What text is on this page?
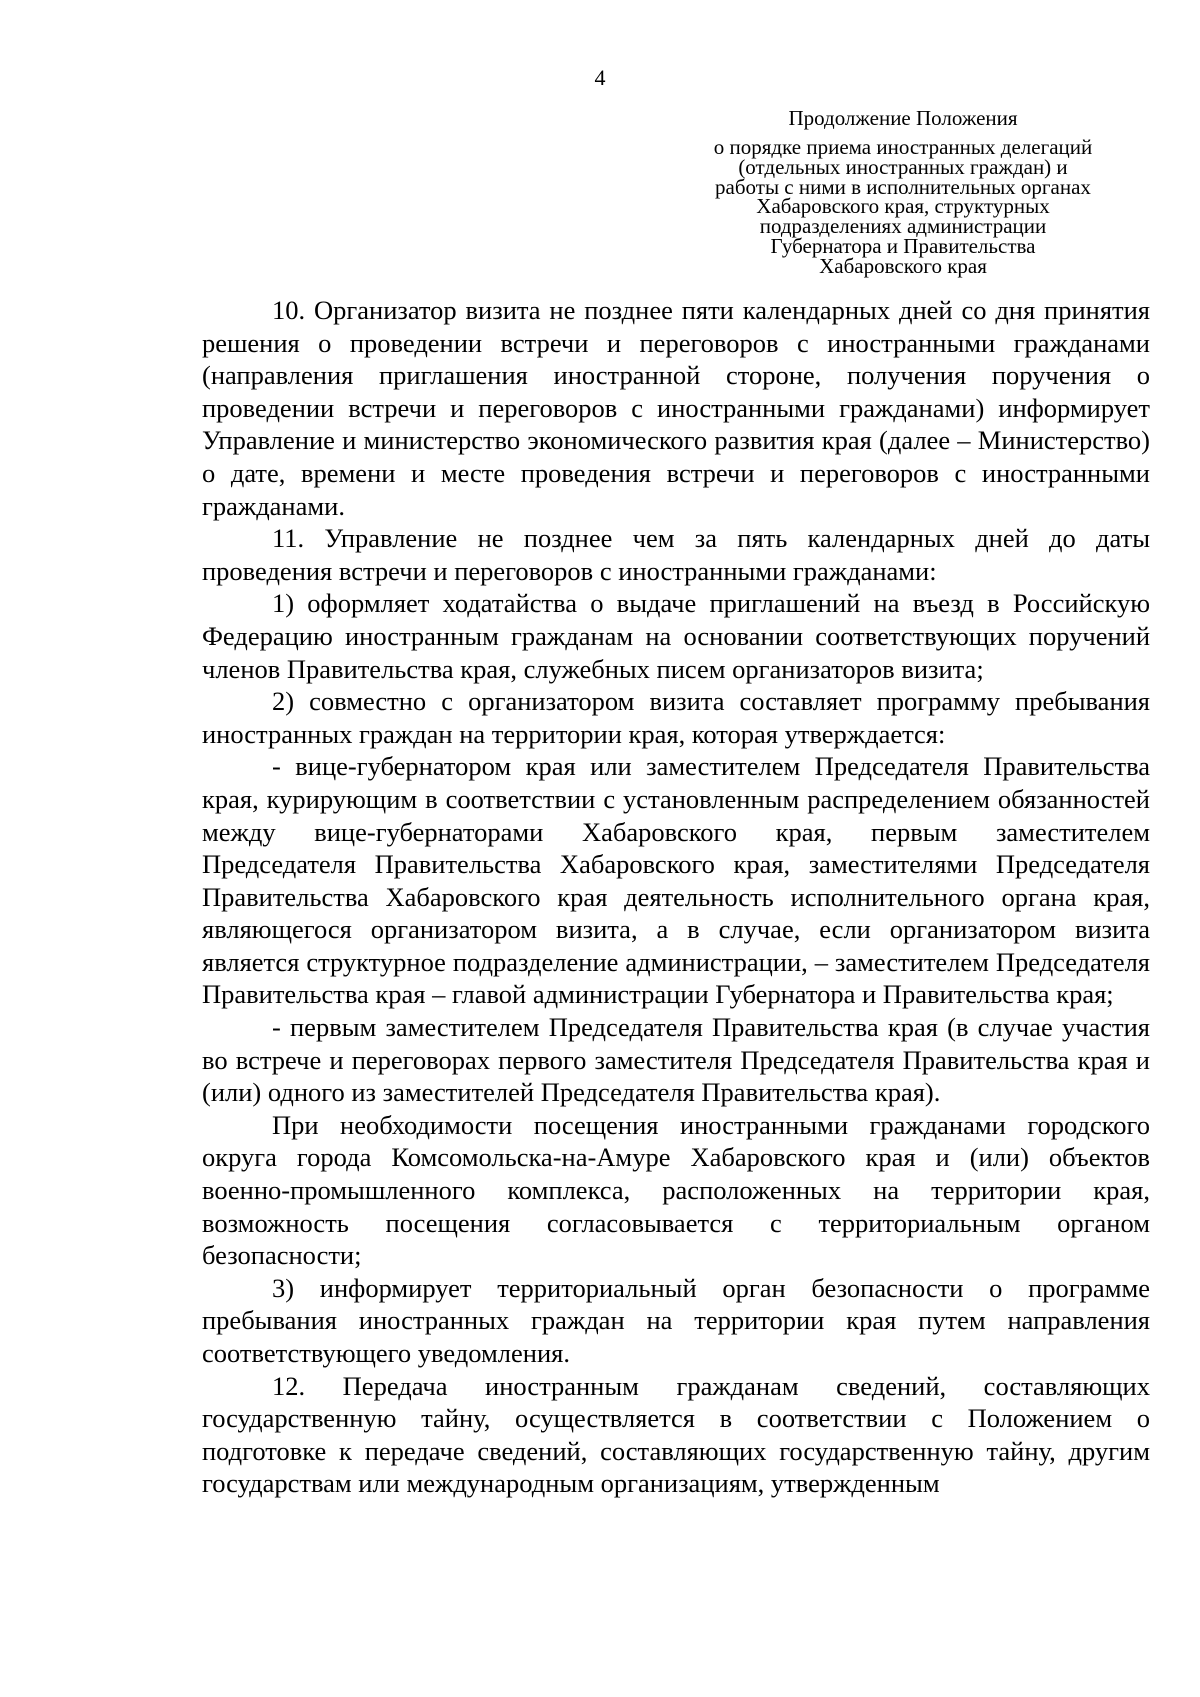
4
Продолжение Положения
о порядке приема иностранных делегаций
(отдельных иностранных граждан) и
работы с ними в исполнительных органах
Хабаровского края, структурных
подразделениях администрации
Губернатора и Правительства
Хабаровского края

10. Организатор визита не позднее пяти календарных дней со дня принятия решения о проведении встречи и переговоров с иностранными гражданами (направления приглашения иностранной стороне, получения поручения о проведении встречи и переговоров с иностранными гражданами) информирует Управление и министерство экономического развития края (далее – Министерство) о дате, времени и месте проведения встречи и переговоров с иностранными гражданами.

11. Управление не позднее чем за пять календарных дней до даты проведения встречи и переговоров с иностранными гражданами:

1) оформляет ходатайства о выдаче приглашений на въезд в Российскую Федерацию иностранным гражданам на основании соответствующих поручений членов Правительства края, служебных писем организаторов визита;

2) совместно с организатором визита составляет программу пребывания иностранных граждан на территории края, которая утверждается:

- вице-губернатором края или заместителем Председателя Правительства края, курирующим в соответствии с установленным распределением обязанностей между вице-губернаторами Хабаровского края, первым заместителем Председателя Правительства Хабаровского края, заместителями Председателя Правительства Хабаровского края деятельность исполнительного органа края, являющегося организатором визита, а в случае, если организатором визита является структурное подразделение администрации, – заместителем Председателя Правительства края – главой администрации Губернатора и Правительства края;

- первым заместителем Председателя Правительства края (в случае участия во встрече и переговорах первого заместителя Председателя Правительства края и (или) одного из заместителей Председателя Правительства края).

При необходимости посещения иностранными гражданами городского округа города Комсомольска-на-Амуре Хабаровского края и (или) объектов военно-промышленного комплекса, расположенных на территории края, возможность посещения согласовывается с территориальным органом безопасности;

3) информирует территориальный орган безопасности о программе пребывания иностранных граждан на территории края путем направления соответствующего уведомления.

12. Передача иностранным гражданам сведений, составляющих государственную тайну, осуществляется в соответствии с Положением о подготовке к передаче сведений, составляющих государственную тайну, другим государствам или международным организациям, утвержденным
